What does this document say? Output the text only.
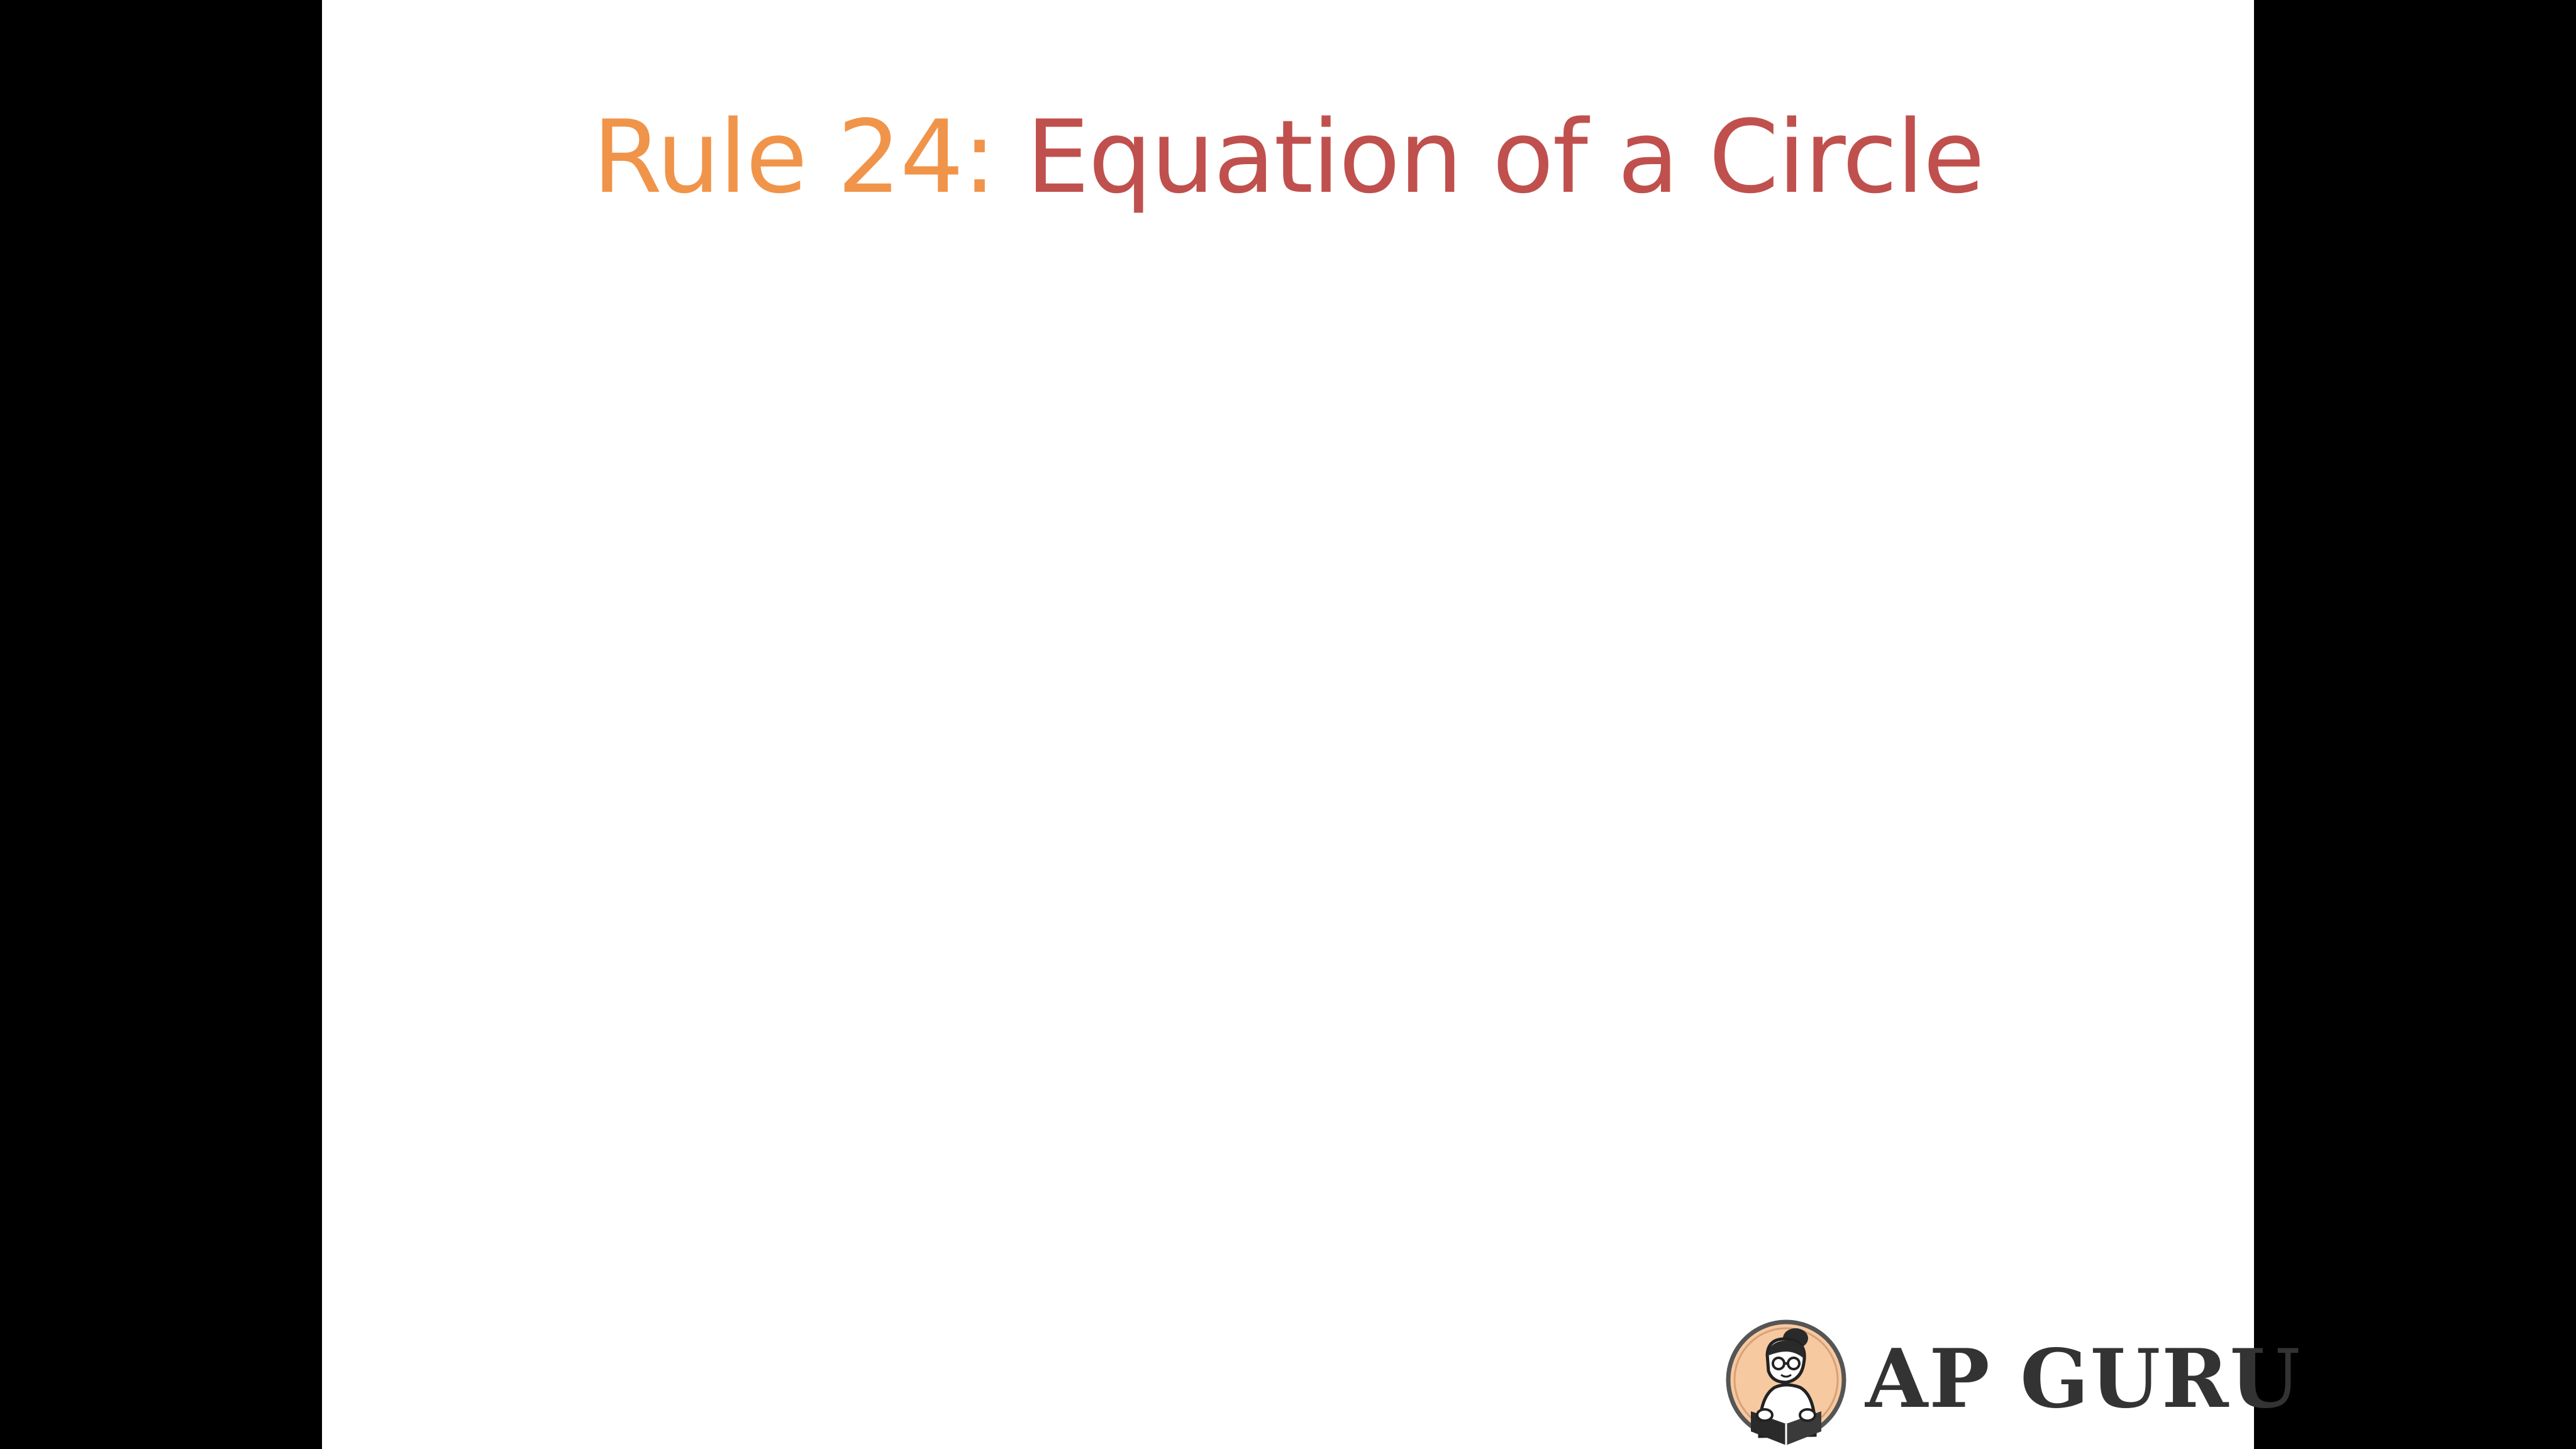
Rule 24: Equation of a Circle
AP GURU
